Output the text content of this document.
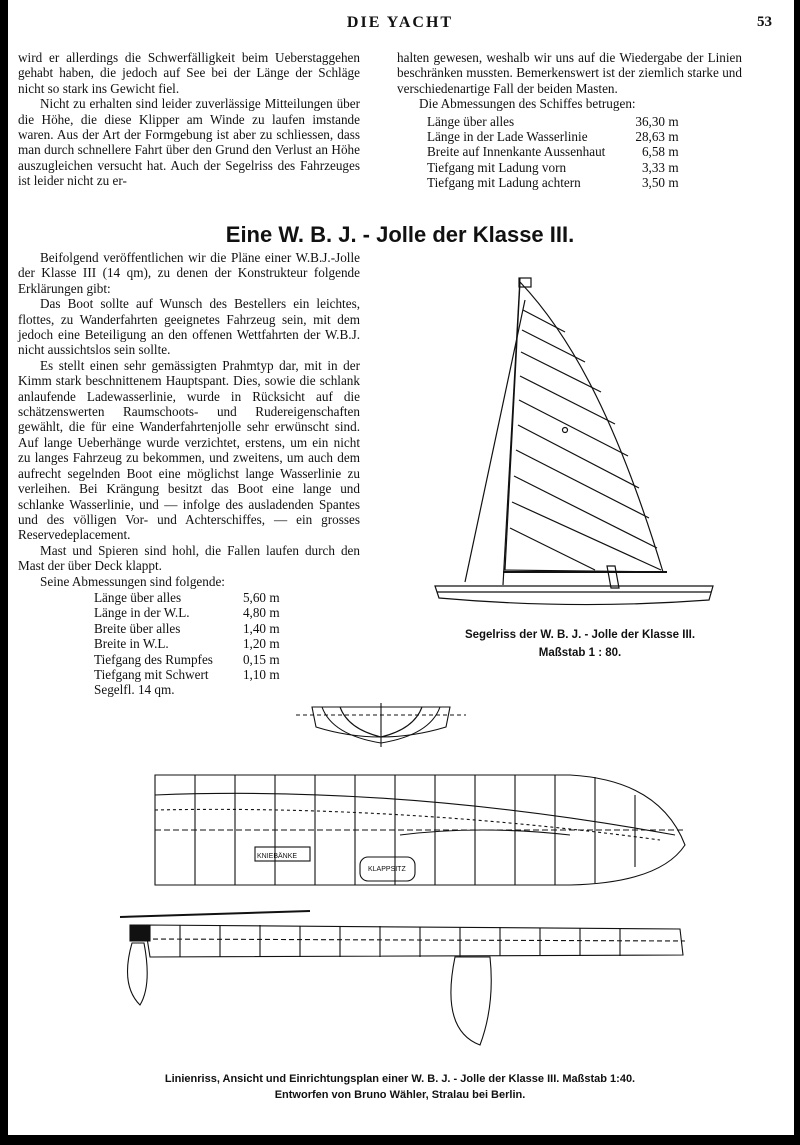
DIE YACHT	53

wird er allerdings die Schwerfälligkeit beim Ueberstaggehen gehabt haben, die jedoch auf See bei der Länge der Schläge nicht so stark ins Gewicht fiel.

Nicht zu erhalten sind leider zuverlässige Mitteilungen über die Höhe, die diese Klipper am Winde zu laufen imstande waren. Aus der Art der Formgebung ist aber zu schliessen, dass man durch schnellere Fahrt über den Grund den Verlust an Höhe auszugleichen versucht hat. Auch der Segelriss des Fahrzeuges ist leider nicht zu er-

halten gewesen, weshalb wir uns auf die Wiedergabe der Linien beschränken mussten. Bemerkenswert ist der ziemlich starke und verschiedenartige Fall der beiden Masten.

Die Abmessungen des Schiffes betrugen:

Länge über alles	36,30 m
Länge in der Lade Wasserlinie	28,63 m
Breite auf Innenkante Aussenhaut	6,58 m
Tiefgang mit Ladung vorn	3,33 m
Tiefgang mit Ladung achtern	3,50 m
Eine W. B. J. - Jolle der Klasse III.

Beifolgend veröffentlichen wir die Pläne einer W.B.J.-Jolle der Klasse III (14 qm), zu denen der Konstrukteur folgende Erklärungen gibt:

Das Boot sollte auf Wunsch des Bestellers ein leichtes, flottes, zu Wanderfahrten geeignetes Fahrzeug sein, mit dem jedoch eine Beteiligung an den offenen Wettfahrten der W.B.J. nicht aussichtslos sein sollte.

Es stellt einen sehr gemässigten Prahmtyp dar, mit in der Kimm stark beschnittenem Hauptspant. Dies, sowie die schlank anlaufende Ladewasserlinie, wurde in Rücksicht auf die schätzenswerten Raumschoots- und Rudereigenschaften gewählt, die für eine Wanderfahrtenjolle sehr erwünscht sind. Auf lange Ueberhänge wurde verzichtet, erstens, um ein nicht zu langes Fahrzeug zu bekommen, und zweitens, um auch dem aufrecht segelnden Boot eine möglichst lange Wasserlinie zu verleihen. Bei Krängung besitzt das Boot eine lange und schlanke Wasserlinie, und — infolge des ausladenden Spantes und des völligen Vor- und Achterschiffes, — ein grosses Reservedeplacement.

Mast und Spieren sind hohl, die Fallen laufen durch den Mast der über Deck klappt.

Seine Abmessungen sind folgende:

Länge über alles	5,60 m
Länge in der W.L.	4,80 m
Breite über alles	1,40 m
Breite in W.L.	1,20 m
Tiefgang des Rumpfes	0,15 m
Tiefgang mit Schwert	1,10 m
Segelfl. 14 qm.	
Segelriss der W. B. J. - Jolle der Klasse III.
Maßstab 1 : 80.
KNIEBÄNKE
KLAPPSITZ
Linienriss, Ansicht und Einrichtungsplan einer W. B. J. - Jolle der Klasse III. Maßstab 1:40.
Entworfen von Bruno Wähler, Stralau bei Berlin.
